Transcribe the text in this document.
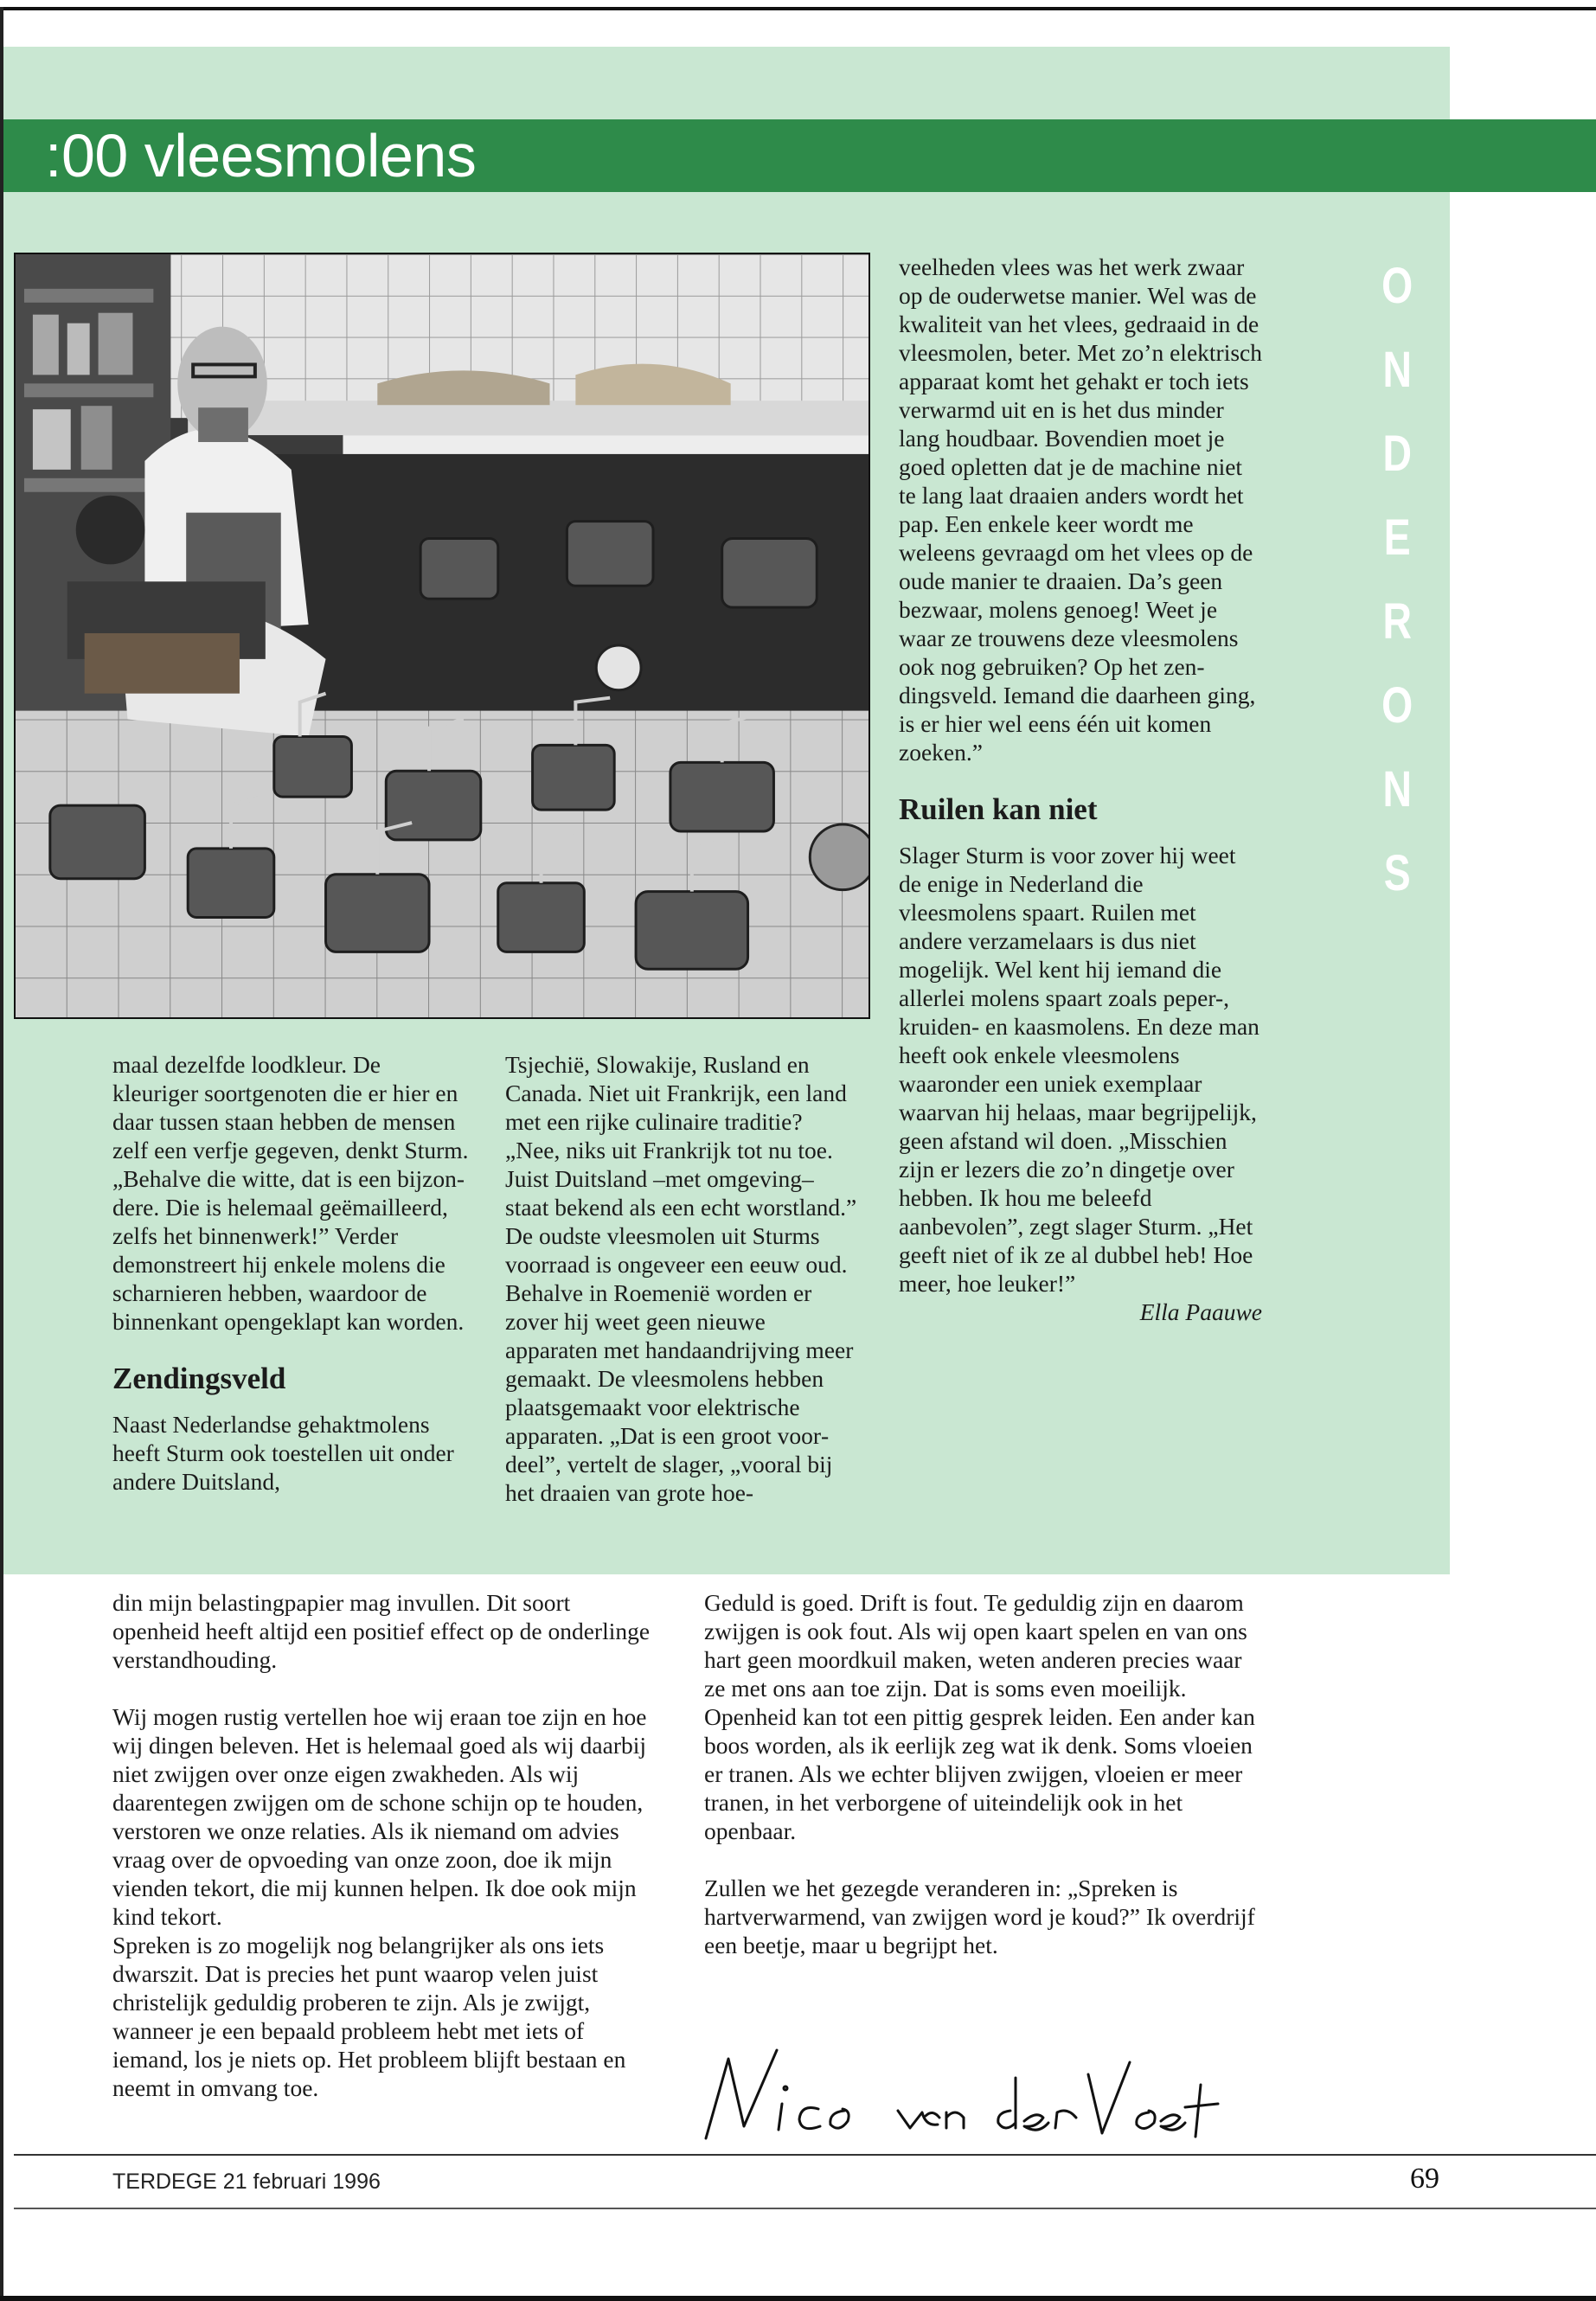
:00 vleesmolens
O
N
D
E
R
O
N
S

maal dezelfde loodkleur. De kleuriger soortgenoten die er hier en daar tussen staan hebben de mensen zelf een verfje gegeven, denkt Sturm. „Behalve die witte, dat is een bijzondere. Die is helemaal geëmailleerd, zelfs het binnenwerk!” Verder demonstreert hij enkele molens die scharnieren hebben, waardoor de binnenkant opengeklapt kan worden.

Zendingsveld

Naast Nederlandse gehaktmolens heeft Sturm ook toestellen uit onder andere Duitsland,

Tsjechië, Slowakije, Rusland en Canada. Niet uit Frankrijk, een land met een rijke culinaire traditie? „Nee, niks uit Frankrijk tot nu toe. Juist Duitsland –met omgeving– staat bekend als een echt worstland.” De oudste vleesmolen uit Sturms voorraad is ongeveer een eeuw oud. Behalve in Roemenië worden er zover hij weet geen nieuwe apparaten met handaandrijving meer gemaakt. De vleesmolens hebben plaatsgemaakt voor elektrische apparaten. „Dat is een groot voordeel”, vertelt de slager, „vooral bij het draaien van grote hoe-

veelheden vlees was het werk zwaar op de ouderwetse manier. Wel was de kwaliteit van het vlees, gedraaid in de vleesmolen, beter. Met zo’n elektrisch apparaat komt het gehakt er toch iets verwarmd uit en is het dus minder lang houdbaar. Bovendien moet je goed opletten dat je de machine niet te lang laat draaien anders wordt het pap. Een enkele keer wordt me weleens gevraagd om het vlees op de oude manier te draaien. Da’s geen bezwaar, molens genoeg! Weet je waar ze trouwens deze vleesmolens ook nog gebruiken? Op het zendingsveld. Iemand die daarheen ging, is er hier wel eens één uit komen zoeken.”

Ruilen kan niet

Slager Sturm is voor zover hij weet de enige in Nederland die vleesmolens spaart. Ruilen met andere verzamelaars is dus niet mogelijk. Wel kent hij iemand die allerlei molens spaart zoals peper-, kruiden- en kaasmolens. En deze man heeft ook enkele vleesmolens waaronder een uniek exemplaar waarvan hij helaas, maar begrijpelijk, geen afstand wil doen. „Misschien zijn er lezers die zo’n dingetje over hebben. Ik hou me beleefd aanbevolen”, zegt slager Sturm. „Het geeft niet of ik ze al dubbel heb! Hoe meer, hoe leuker!”

Ella Paauwe

din mijn belastingpapier mag invullen. Dit soort openheid heeft altijd een positief effect op de onderlinge verstandhouding.

Wij mogen rustig vertellen hoe wij eraan toe zijn en hoe wij dingen beleven. Het is helemaal goed als wij daarbij niet zwijgen over onze eigen zwakheden. Als wij daarentegen zwijgen om de schone schijn op te houden, verstoren we onze relaties. Als ik niemand om advies vraag over de opvoeding van onze zoon, doe ik mijn vienden tekort, die mij kunnen helpen. Ik doe ook mijn kind tekort.

Spreken is zo mogelijk nog belangrijker als ons iets dwarszit. Dat is precies het punt waarop velen juist christelijk geduldig proberen te zijn. Als je zwijgt, wanneer je een bepaald probleem hebt met iets of iemand, los je niets op. Het probleem blijft bestaan en neemt in omvang toe.

Geduld is goed. Drift is fout. Te geduldig zijn en daarom zwijgen is ook fout. Als wij open kaart spelen en van ons hart geen moordkuil maken, weten anderen precies waar ze met ons aan toe zijn. Dat is soms even moeilijk. Openheid kan tot een pittig gesprek leiden. Een ander kan boos worden, als ik eerlijk zeg wat ik denk. Soms vloeien er tranen. Als we echter blijven zwijgen, vloeien er meer tranen, in het verborgene of uiteindelijk ook in het openbaar.

Zullen we het gezegde veranderen in: „Spreken is hartverwarmend, van zwijgen word je koud?” Ik overdrijf een beetje, maar u begrijpt het.

TERDEGE 21 februari 1996	69
